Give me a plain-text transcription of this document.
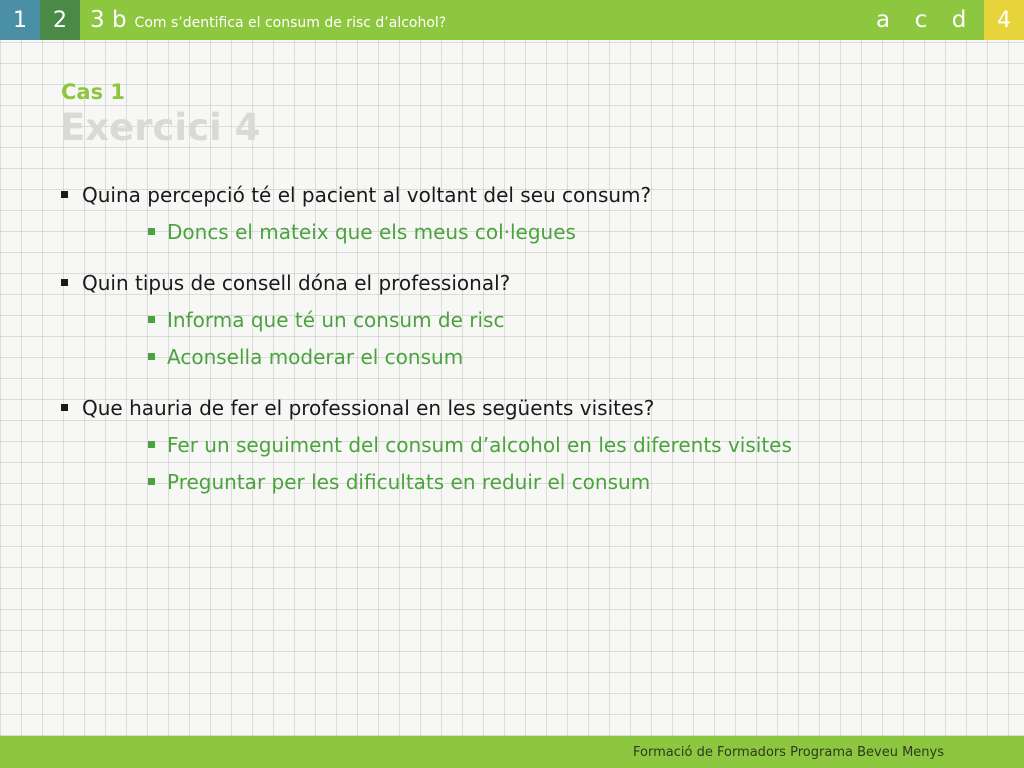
1	2	3 b Com s’dentifica el consum de risc d’alcohol?	a	c	d	4
Cas 1
Exercici 4
Quina percepció té el pacient al voltant del seu consum?
Doncs el mateix que els meus col·legues
Quin tipus de consell dóna el professional?
Informa que té un consum de risc
Aconsella moderar el consum
Que hauria de fer el professional en les següents visites?
Fer un seguiment del consum d’alcohol en les diferents visites
Preguntar per les dificultats en reduir el consum
Formació de Formadors Programa Beveu Menys
